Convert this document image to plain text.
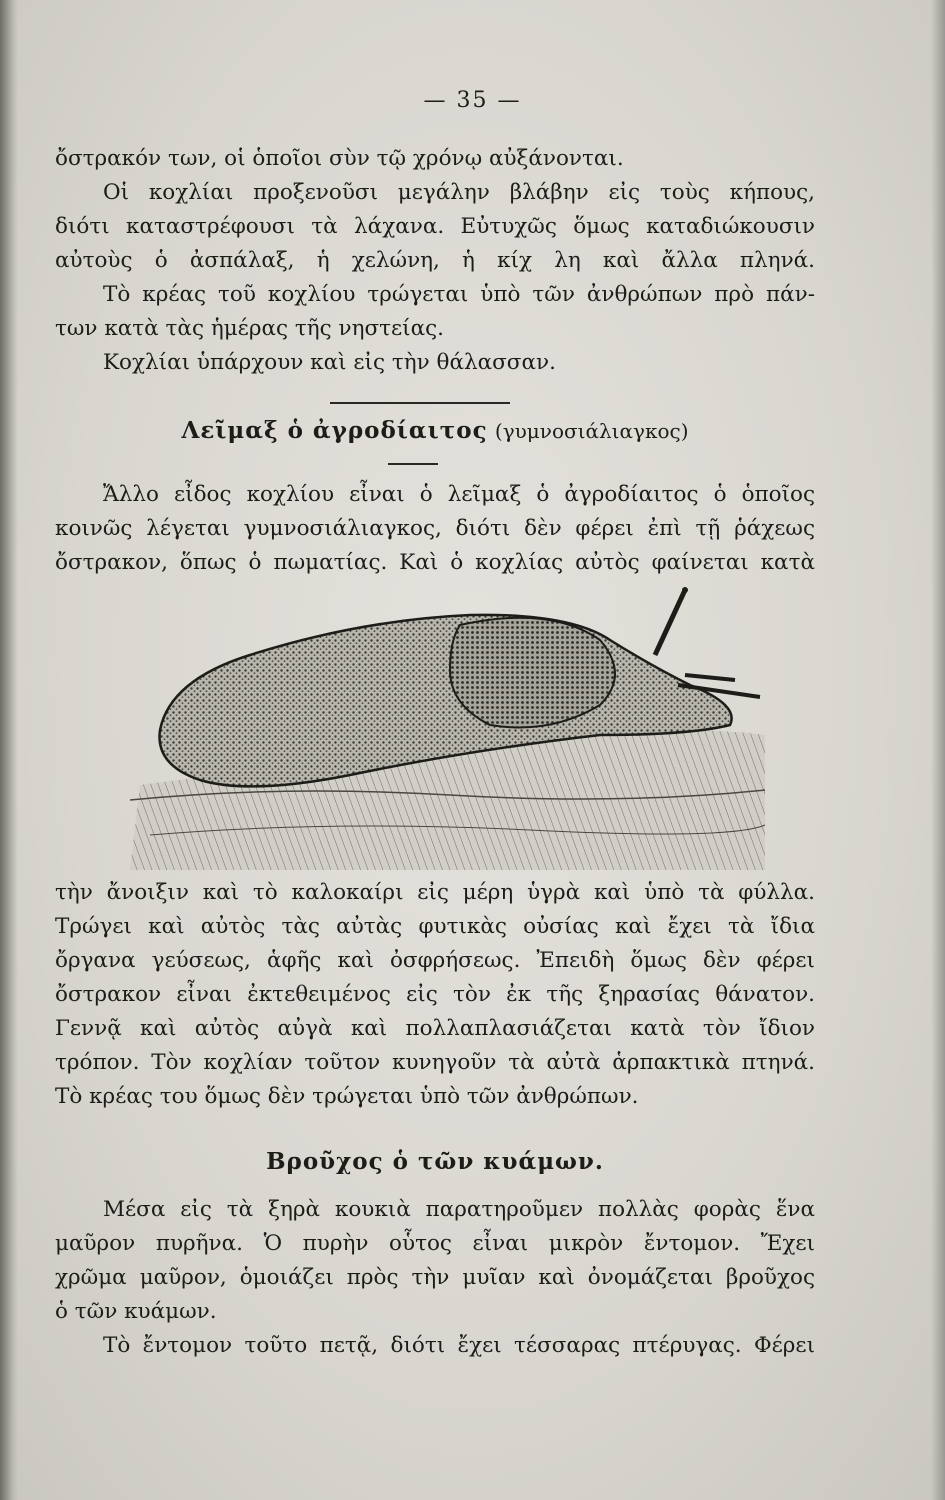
— 35 —
ὄστρακόν των, οἱ ὁποῖοι σὺν τῷ χρόνῳ αὐξάνονται.
Οἱ κοχλίαι προξενοῦσι μεγάλην βλάβην εἰς τοὺς κήπους,
διότι καταστρέφουσι τὰ λάχανα. Εὐτυχῶς ὅμως καταδιώκουσιν
αὐτοὺς ὁ ἀσπάλαξ, ἡ χελώνη, ἡ κίχ λη καὶ ἄλλα πληνά.
Τὸ κρέας τοῦ κοχλίου τρώγεται ὑπὸ τῶν ἀνθρώπων πρὸ πάν-
των κατὰ τὰς ἡμέρας τῆς νηστείας.
Κοχλίαι ὑπάρχουν καὶ εἰς τὴν θάλασσαν.
Λεῖμαξ ὁ ἀγροδίαιτος (γυμνοσιάλιαγκος)
Ἄλλο εἶδος κοχλίου εἶναι ὁ λεῖμαξ ὁ ἀγροδίαιτος ὁ ὁποῖος
κοινῶς λέγεται γυμνοσιάλιαγκος, διότι δὲν φέρει ἐπὶ τῇ ῥάχεως
ὄστρακον, ὅπως ὁ πωματίας. Καὶ ὁ κοχλίας αὐτὸς φαίνεται κατὰ
τὴν ἄνοιξιν καὶ τὸ καλοκαίρι εἰς μέρη ὑγρὰ καὶ ὑπὸ τὰ φύλλα.
Τρώγει καὶ αὐτὸς τὰς αὐτὰς φυτικὰς οὐσίας καὶ ἔχει τὰ ἴδια
ὄργανα γεύσεως, ἁφῆς καὶ ὀσφρήσεως. Ἐπειδὴ ὅμως δὲν φέρει
ὄστρακον εἶναι ἐκτεθειμένος εἰς τὸν ἐκ τῆς ξηρασίας θάνατον.
Γεννᾷ καὶ αὐτὸς αὐγὰ καὶ πολλαπλασιάζεται κατὰ τὸν ἴδιον
τρόπον. Τὸν κοχλίαν τοῦτον κυνηγοῦν τὰ αὐτὰ ἁρπακτικὰ πτηνά.
Τὸ κρέας του ὅμως δὲν τρώγεται ὑπὸ τῶν ἀνθρώπων.
Βροῦχος ὁ τῶν κυάμων.
Μέσα εἰς τὰ ξηρὰ κουκιὰ παρατηροῦμεν πολλὰς φορὰς ἕνα
μαῦρον πυρῆνα. Ὁ πυρὴν οὗτος εἶναι μικρὸν ἔντομον. Ἔχει
χρῶμα μαῦρον, ὁμοιάζει πρὸς τὴν μυῖαν καὶ ὀνομάζεται βροῦχος
ὁ τῶν κυάμων.
Τὸ ἔντομον τοῦτο πετᾷ, διότι ἔχει τέσσαρας πτέρυγας. Φέρει
